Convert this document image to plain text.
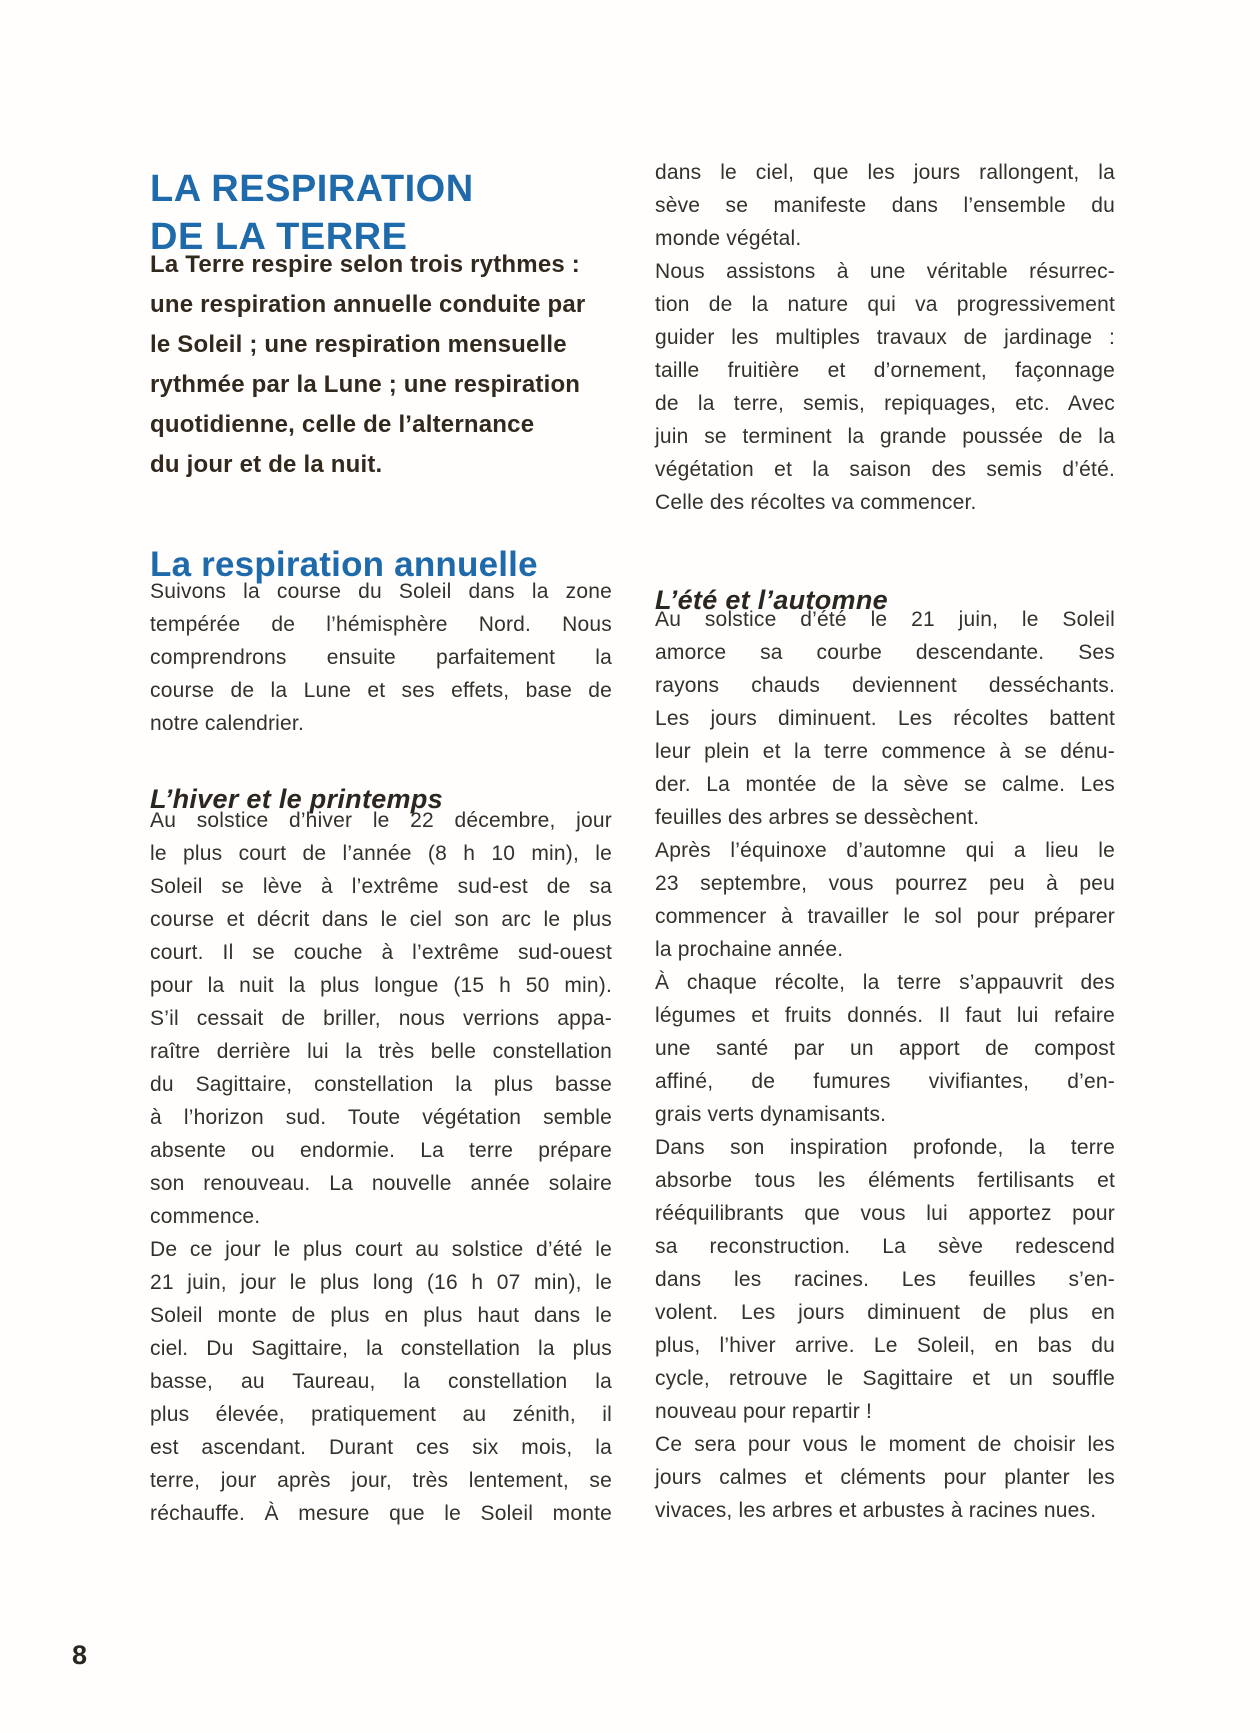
LA RESPIRATION
DE LA TERRE
La Terre respire selon trois rythmes :
une respiration annuelle conduite par
le Soleil ; une respiration mensuelle
rythmée par la Lune ; une respiration
quotidienne, celle de l’alternance
du jour et de la nuit.
La respiration annuelle
Suivons la course du Soleil dans la zone
tempérée de l’hémisphère Nord. Nous
comprendrons ensuite parfaitement la
course de la Lune et ses effets, base de
notre calendrier.
L’hiver et le printemps
Au solstice d’hiver le 22 décembre, jour
le plus court de l’année (8 h 10 min), le
Soleil se lève à l’extrême sud-est de sa
course et décrit dans le ciel son arc le plus
court. Il se couche à l’extrême sud-ouest
pour la nuit la plus longue (15 h 50 min).
S’il cessait de briller, nous verrions appa-
raître derrière lui la très belle constellation
du Sagittaire, constellation la plus basse
à l’horizon sud. Toute végétation semble
absente ou endormie. La terre prépare
son renouveau. La nouvelle année solaire
commence.
De ce jour le plus court au solstice d’été le
21 juin, jour le plus long (16 h 07 min), le
Soleil monte de plus en plus haut dans le
ciel. Du Sagittaire, la constellation la plus
basse, au Taureau, la constellation la
plus élevée, pratiquement au zénith, il
est ascendant. Durant ces six mois, la
terre, jour après jour, très lentement, se
réchauffe. À mesure que le Soleil monte
dans le ciel, que les jours rallongent, la
sève se manifeste dans l’ensemble du
monde végétal.
Nous assistons à une véritable résurrec-
tion de la nature qui va progressivement
guider les multiples travaux de jardinage :
taille fruitière et d’ornement, façonnage
de la terre, semis, repiquages, etc. Avec
juin se terminent la grande poussée de la
végétation et la saison des semis d’été.
Celle des récoltes va commencer.
L’été et l’automne
Au solstice d’été le 21 juin, le Soleil
amorce sa courbe descendante. Ses
rayons chauds deviennent desséchants.
Les jours diminuent. Les récoltes battent
leur plein et la terre commence à se dénu-
der. La montée de la sève se calme. Les
feuilles des arbres se dessèchent.
Après l’équinoxe d’automne qui a lieu le
23 septembre, vous pourrez peu à peu
commencer à travailler le sol pour préparer
la prochaine année.
À chaque récolte, la terre s’appauvrit des
légumes et fruits donnés. Il faut lui refaire
une santé par un apport de compost
affiné, de fumures vivifiantes, d’en-
grais verts dynamisants.
Dans son inspiration profonde, la terre
absorbe tous les éléments fertilisants et
rééquilibrants que vous lui apportez pour
sa reconstruction. La sève redescend
dans les racines. Les feuilles s’en-
volent. Les jours diminuent de plus en
plus, l’hiver arrive. Le Soleil, en bas du
cycle, retrouve le Sagittaire et un souffle
nouveau pour repartir !
Ce sera pour vous le moment de choisir les
jours calmes et cléments pour planter les
vivaces, les arbres et arbustes à racines nues.
8
